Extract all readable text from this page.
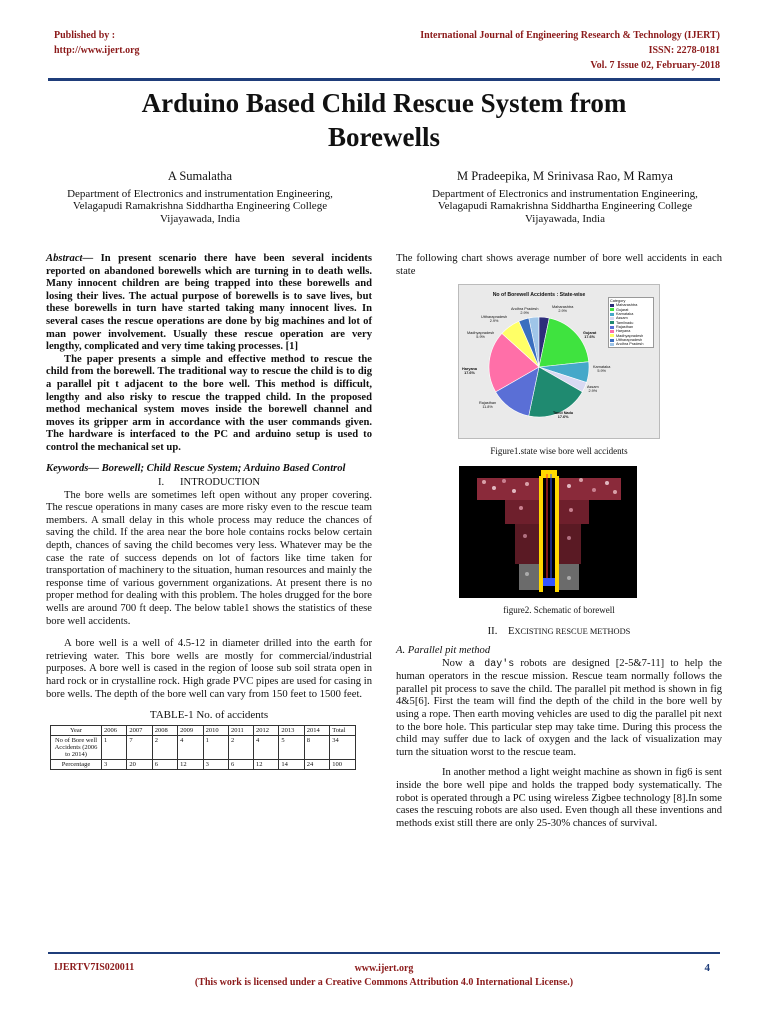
Published by :
http://www.ijert.org
International Journal of Engineering Research & Technology (IJERT)
ISSN: 2278-0181
Vol. 7 Issue 02, February-2018
Arduino Based Child Rescue System from
Borewells
A Sumalatha
Department of Electronics and instrumentation Engineering,
Velagapudi Ramakrishna Siddhartha Engineering College
Vijayawada, India
M Pradeepika, M Srinivasa Rao, M Ramya
Department of Electronics and instrumentation Engineering,
Velagapudi Ramakrishna Siddhartha Engineering College
Vijayawada, India

Abstract— In present scenario there have been several incidents reported on abandoned borewells which are turning in to death wells. Many innocent children are being trapped into these borewells and losing their lives. The actual purpose of borewells is to save lives, but these borewells in turn have started taking many innocent lives. In several cases the rescue operations are done by big machines and lot of man power involvement. Usually these rescue operation are very lengthy, complicated and very time taking processes. [1]

The paper presents a simple and effective method to rescue the child from the borewell. The traditional way to rescue the child is to dig a parallel pit t adjacent to the bore well. This method is difficult, lengthy and also risky to rescue the trapped child. In the proposed method mechanical system moves inside the borewell channel and moves its gripper arm in accordance with the user commands given. The hardware is interfaced to the PC and arduino setup is used to control the mechanical set up.

Keywords— Borewell; Child Rescue System; Arduino Based Control

I. INTRODUCTION

The bore wells are sometimes left open without any proper covering. The rescue operations in many cases are more risky even to the rescue team members. A small delay in this whole process may reduce the chances of saving the child. If the area near the bore hole contains rocks below certain depth, chances of saving the child becomes very less. Whatever may be the case the rate of success depends on lot of factors like time taken for transportation of machinery to the situation, human resources and mainly the response time of various government organizations. At present there is no proper method for dealing with this problem. The holes drugged for the bore wells are around 700 ft deep. The below table1 shows the statistics of these bore well accidents.

A bore well is a well of 4.5-12 in diameter drilled into the earth for retrieving water. This bore wells are mostly for commercial/industrial purposes. A bore well is cased in the region of loose sub soil strata open in hard rock or in crystalline rock. High grade PVC pipes are used for casing in bore wells. The depth of the bore well can vary from 150 feet to 1500 feet.

TABLE-1 No. of accidents

Year	2006	2007	2008	2009	2010	2011	2012	2013	2014	Total
No of Bore well Accidents (2006 to 2014)	1	7	2	4	1	2	4	5	8	34
Percentage	3	20	6	12	3	6	12	14	24	100

The following chart shows average number of bore well accidents in each state

No of Borewell Accidents : State-wise
Andhra Pradesh
2.9%
Maharashtra
2.9%
Uttharapradesh
2.9%
Madhyapradesh
5.9%
Gujarat
17.6%
Haryana
17.6%
Karnataka
5.9%
Assam
2.9%
Rajasthan
11.8%
Tamil Nadu
17.6%
Category
Maharashtra
Gujarat
Karnataka
Assam
Tamilnadu
Rajasthan
Haryana
Madhyapradesh
Uttharapradesh
Andhra Pradesh

Figure1.state wise bore well accidents

figure2. Schematic of borewell

II. EXCISTING RESCUE METHODS

A. Parallel pit method

Now a day's robots are designed [2-5&7-11] to help the human operators in the rescue mission. Rescue team normally follows the parallel pit process to save the child. The parallel pit method is shown in fig 4&5[6]. First the team will find the depth of the child in the bore well by using a rope. Then earth moving vehicles are used to dig the parallel pit next to the bore hole. This particular step may take time. During this process the child may suffer due to lack of oxygen and the lack of visualization may turn the situation worst to the rescue team.

In another method a light weight machine as shown in fig6 is sent inside the bore well pipe and holds the trapped body systematically. The robot is operated through a PC using wireless Zigbee technology [8].In some cases the rescuing robots are also used. Even though all these inventions and methods exist still there are only 25-30% chances of survival.

IJERTV7IS020011	www.ijert.org
(This work is licensed under a Creative Commons Attribution 4.0 International License.)
4
